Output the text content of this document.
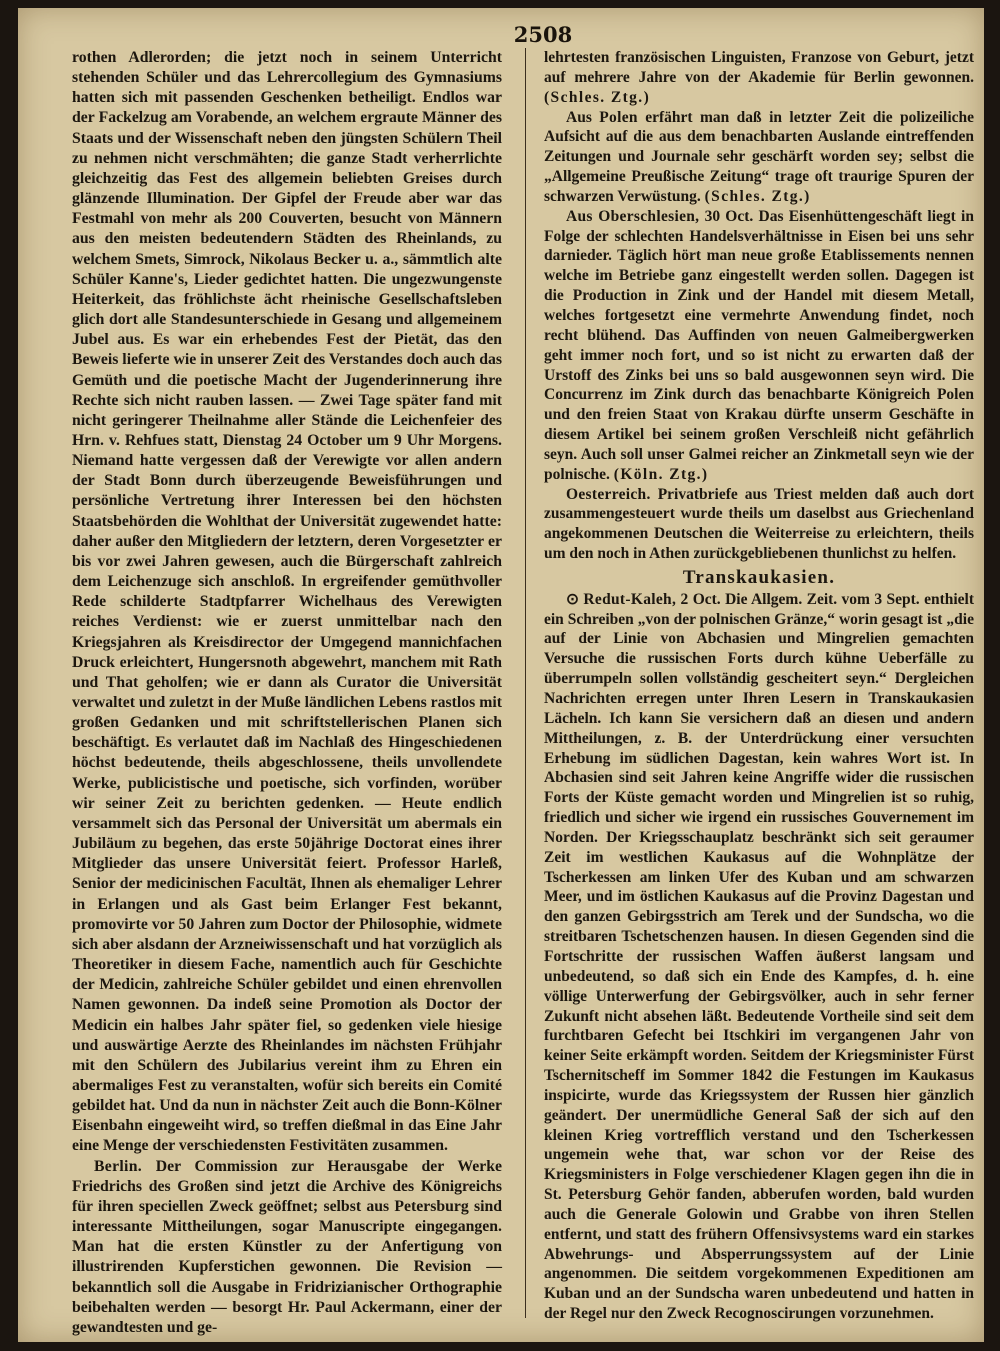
2508

rothen Adlerorden; die jetzt noch in seinem Unterricht stehenden Schüler und das Lehrercollegium des Gymnasiums hatten sich mit passenden Geschenken betheiligt. Endlos war der Fackelzug am Vorabende, an welchem ergraute Männer des Staats und der Wissenschaft neben den jüngsten Schülern Theil zu nehmen nicht verschmähten; die ganze Stadt verherrlichte gleichzeitig das Fest des allgemein beliebten Greises durch glänzende Illumination. Der Gipfel der Freude aber war das Festmahl von mehr als 200 Couverten, besucht von Männern aus den meisten bedeutendern Städten des Rheinlands, zu welchem Smets, Simrock, Nikolaus Becker u. a., sämmtlich alte Schüler Kanne's, Lieder gedichtet hatten. Die ungezwungenste Heiterkeit, das fröhlichste ächt rheinische Gesellschaftsleben glich dort alle Standesunterschiede in Gesang und allgemeinem Jubel aus. Es war ein erhebendes Fest der Pietät, das den Beweis lieferte wie in unserer Zeit des Verstandes doch auch das Gemüth und die poetische Macht der Jugenderinnerung ihre Rechte sich nicht rauben lassen. — Zwei Tage später fand mit nicht geringerer Theilnahme aller Stände die Leichenfeier des Hrn. v. Rehfues statt, Dienstag 24 October um 9 Uhr Morgens. Niemand hatte vergessen daß der Verewigte vor allen andern der Stadt Bonn durch überzeugende Beweisführungen und persönliche Vertretung ihrer Interessen bei den höchsten Staatsbehörden die Wohlthat der Universität zugewendet hatte: daher außer den Mitgliedern der letztern, deren Vorgesetzter er bis vor zwei Jahren gewesen, auch die Bürgerschaft zahlreich dem Leichenzuge sich anschloß. In ergreifender gemüthvoller Rede schilderte Stadtpfarrer Wichelhaus des Verewigten reiches Verdienst: wie er zuerst unmittelbar nach den Kriegsjahren als Kreisdirector der Umgegend mannichfachen Druck erleichtert, Hungersnoth abgewehrt, manchem mit Rath und That geholfen; wie er dann als Curator die Universität verwaltet und zuletzt in der Muße ländlichen Lebens rastlos mit großen Gedanken und mit schriftstellerischen Planen sich beschäftigt. Es verlautet daß im Nachlaß des Hingeschiedenen höchst bedeutende, theils abgeschlossene, theils unvollendete Werke, publicistische und poetische, sich vorfinden, worüber wir seiner Zeit zu berichten gedenken. — Heute endlich versammelt sich das Personal der Universität um abermals ein Jubiläum zu begehen, das erste 50jährige Doctorat eines ihrer Mitglieder das unsere Universität feiert. Professor Harleß, Senior der medicinischen Facultät, Ihnen als ehemaliger Lehrer in Erlangen und als Gast beim Erlanger Fest bekannt, promovirte vor 50 Jahren zum Doctor der Philosophie, widmete sich aber alsdann der Arzneiwissenschaft und hat vorzüglich als Theoretiker in diesem Fache, namentlich auch für Geschichte der Medicin, zahlreiche Schüler gebildet und einen ehrenvollen Namen gewonnen. Da indeß seine Promotion als Doctor der Medicin ein halbes Jahr später fiel, so gedenken viele hiesige und auswärtige Aerzte des Rheinlandes im nächsten Frühjahr mit den Schülern des Jubilarius vereint ihm zu Ehren ein abermaliges Fest zu veranstalten, wofür sich bereits ein Comité gebildet hat. Und da nun in nächster Zeit auch die Bonn-Kölner Eisenbahn eingeweiht wird, so treffen dießmal in das Eine Jahr eine Menge der verschiedensten Festivitäten zusammen.

Berlin. Der Commission zur Herausgabe der Werke Friedrichs des Großen sind jetzt die Archive des Königreichs für ihren speciellen Zweck geöffnet; selbst aus Petersburg sind interessante Mittheilungen, sogar Manuscripte eingegangen. Man hat die ersten Künstler zu der Anfertigung von illustrirenden Kupferstichen gewonnen. Die Revision — bekanntlich soll die Ausgabe in Fridrizianischer Orthographie beibehalten werden — besorgt Hr. Paul Ackermann, einer der gewandtesten und ge-

lehrtesten französischen Linguisten, Franzose von Geburt, jetzt auf mehrere Jahre von der Akademie für Berlin gewonnen. (Schles. Ztg.)

Aus Polen erfährt man daß in letzter Zeit die polizeiliche Aufsicht auf die aus dem benachbarten Auslande eintreffenden Zeitungen und Journale sehr geschärft worden sey; selbst die „Allgemeine Preußische Zeitung“ trage oft traurige Spuren der schwarzen Verwüstung. (Schles. Ztg.)

Aus Oberschlesien, 30 Oct. Das Eisenhüttengeschäft liegt in Folge der schlechten Handelsverhältnisse in Eisen bei uns sehr darnieder. Täglich hört man neue große Etablissements nennen welche im Betriebe ganz eingestellt werden sollen. Dagegen ist die Production in Zink und der Handel mit diesem Metall, welches fortgesetzt eine vermehrte Anwendung findet, noch recht blühend. Das Auffinden von neuen Galmeibergwerken geht immer noch fort, und so ist nicht zu erwarten daß der Urstoff des Zinks bei uns so bald ausgewonnen seyn wird. Die Concurrenz im Zink durch das benachbarte Königreich Polen und den freien Staat von Krakau dürfte unserm Geschäfte in diesem Artikel bei seinem großen Verschleiß nicht gefährlich seyn. Auch soll unser Galmei reicher an Zinkmetall seyn wie der polnische. (Köln. Ztg.)

Oesterreich. Privatbriefe aus Triest melden daß auch dort zusammengesteuert wurde theils um daselbst aus Griechenland angekommenen Deutschen die Weiterreise zu erleichtern, theils um den noch in Athen zurückgebliebenen thunlichst zu helfen.

Transkaukasien.

⊙ Redut-Kaleh, 2 Oct. Die Allgem. Zeit. vom 3 Sept. enthielt ein Schreiben „von der polnischen Gränze,“ worin gesagt ist „die auf der Linie von Abchasien und Mingrelien gemachten Versuche die russischen Forts durch kühne Ueberfälle zu überrumpeln sollen vollständig gescheitert seyn.“ Dergleichen Nachrichten erregen unter Ihren Lesern in Transkaukasien Lächeln. Ich kann Sie versichern daß an diesen und andern Mittheilungen, z. B. der Unterdrückung einer versuchten Erhebung im südlichen Dagestan, kein wahres Wort ist. In Abchasien sind seit Jahren keine Angriffe wider die russischen Forts der Küste gemacht worden und Mingrelien ist so ruhig, friedlich und sicher wie irgend ein russisches Gouvernement im Norden. Der Kriegsschauplatz beschränkt sich seit geraumer Zeit im westlichen Kaukasus auf die Wohnplätze der Tscherkessen am linken Ufer des Kuban und am schwarzen Meer, und im östlichen Kaukasus auf die Provinz Dagestan und den ganzen Gebirgsstrich am Terek und der Sundscha, wo die streitbaren Tschetschenzen hausen. In diesen Gegenden sind die Fortschritte der russischen Waffen äußerst langsam und unbedeutend, so daß sich ein Ende des Kampfes, d. h. eine völlige Unterwerfung der Gebirgsvölker, auch in sehr ferner Zukunft nicht absehen läßt. Bedeutende Vortheile sind seit dem furchtbaren Gefecht bei Itschkiri im vergangenen Jahr von keiner Seite erkämpft worden. Seitdem der Kriegsminister Fürst Tschernitscheff im Sommer 1842 die Festungen im Kaukasus inspicirte, wurde das Kriegssystem der Russen hier gänzlich geändert. Der unermüdliche General Saß der sich auf den kleinen Krieg vortrefflich verstand und den Tscherkessen ungemein wehe that, war schon vor der Reise des Kriegsministers in Folge verschiedener Klagen gegen ihn die in St. Petersburg Gehör fanden, abberufen worden, bald wurden auch die Generale Golowin und Grabbe von ihren Stellen entfernt, und statt des frühern Offensivsystems ward ein starkes Abwehrungs- und Absperrungssystem auf der Linie angenommen. Die seitdem vorgekommenen Expeditionen am Kuban und an der Sundscha waren unbedeutend und hatten in der Regel nur den Zweck Recognoscirungen vorzunehmen.
